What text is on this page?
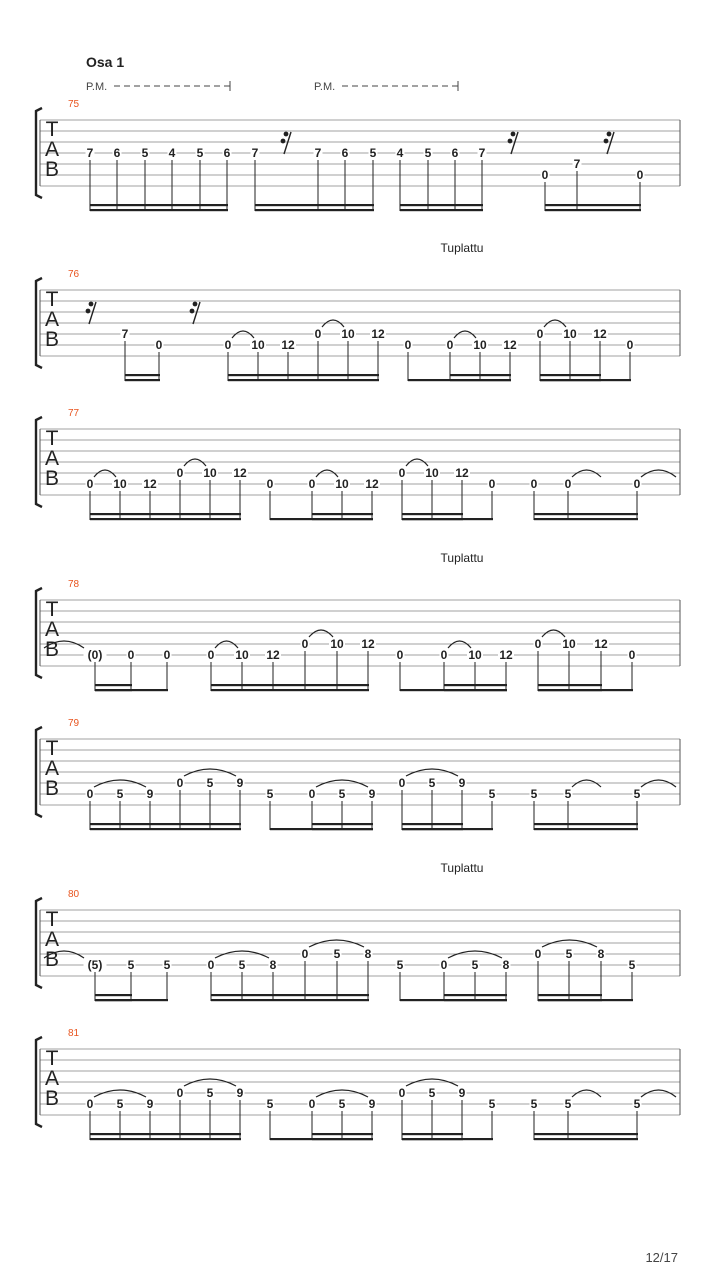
Osa 1
T
A
B
75
P.M.	P.M.
7 6 5 4 5 6 7	7 6 5 4 5 6 7
0
7
0
T
A
B
76
Tuplattu
7
0	0 10 12
0 10 12
0	0 10 12
0 10 12
0
T
A
B
77
0 10 12
0 10 12
0	0 10 12
0 10 12
0	0 0	0
T
A
B
78
Tuplattu
(0) 0 0	0 10 12
0 10 12
0	0 10 12
0 10 12
0
T
A
B
79
0 5 9
0 5 9
5	0 5 9
0 5 9
5	5 5	5
T
A
B
80
Tuplattu
(5) 5 5	0 5 8
0 5 8
5	0 5 8
0 5 8
5
T
A
B
81
0 5 9
0 5 9
5	0 5 9
0 5 9
5	5 5	5
12/17
